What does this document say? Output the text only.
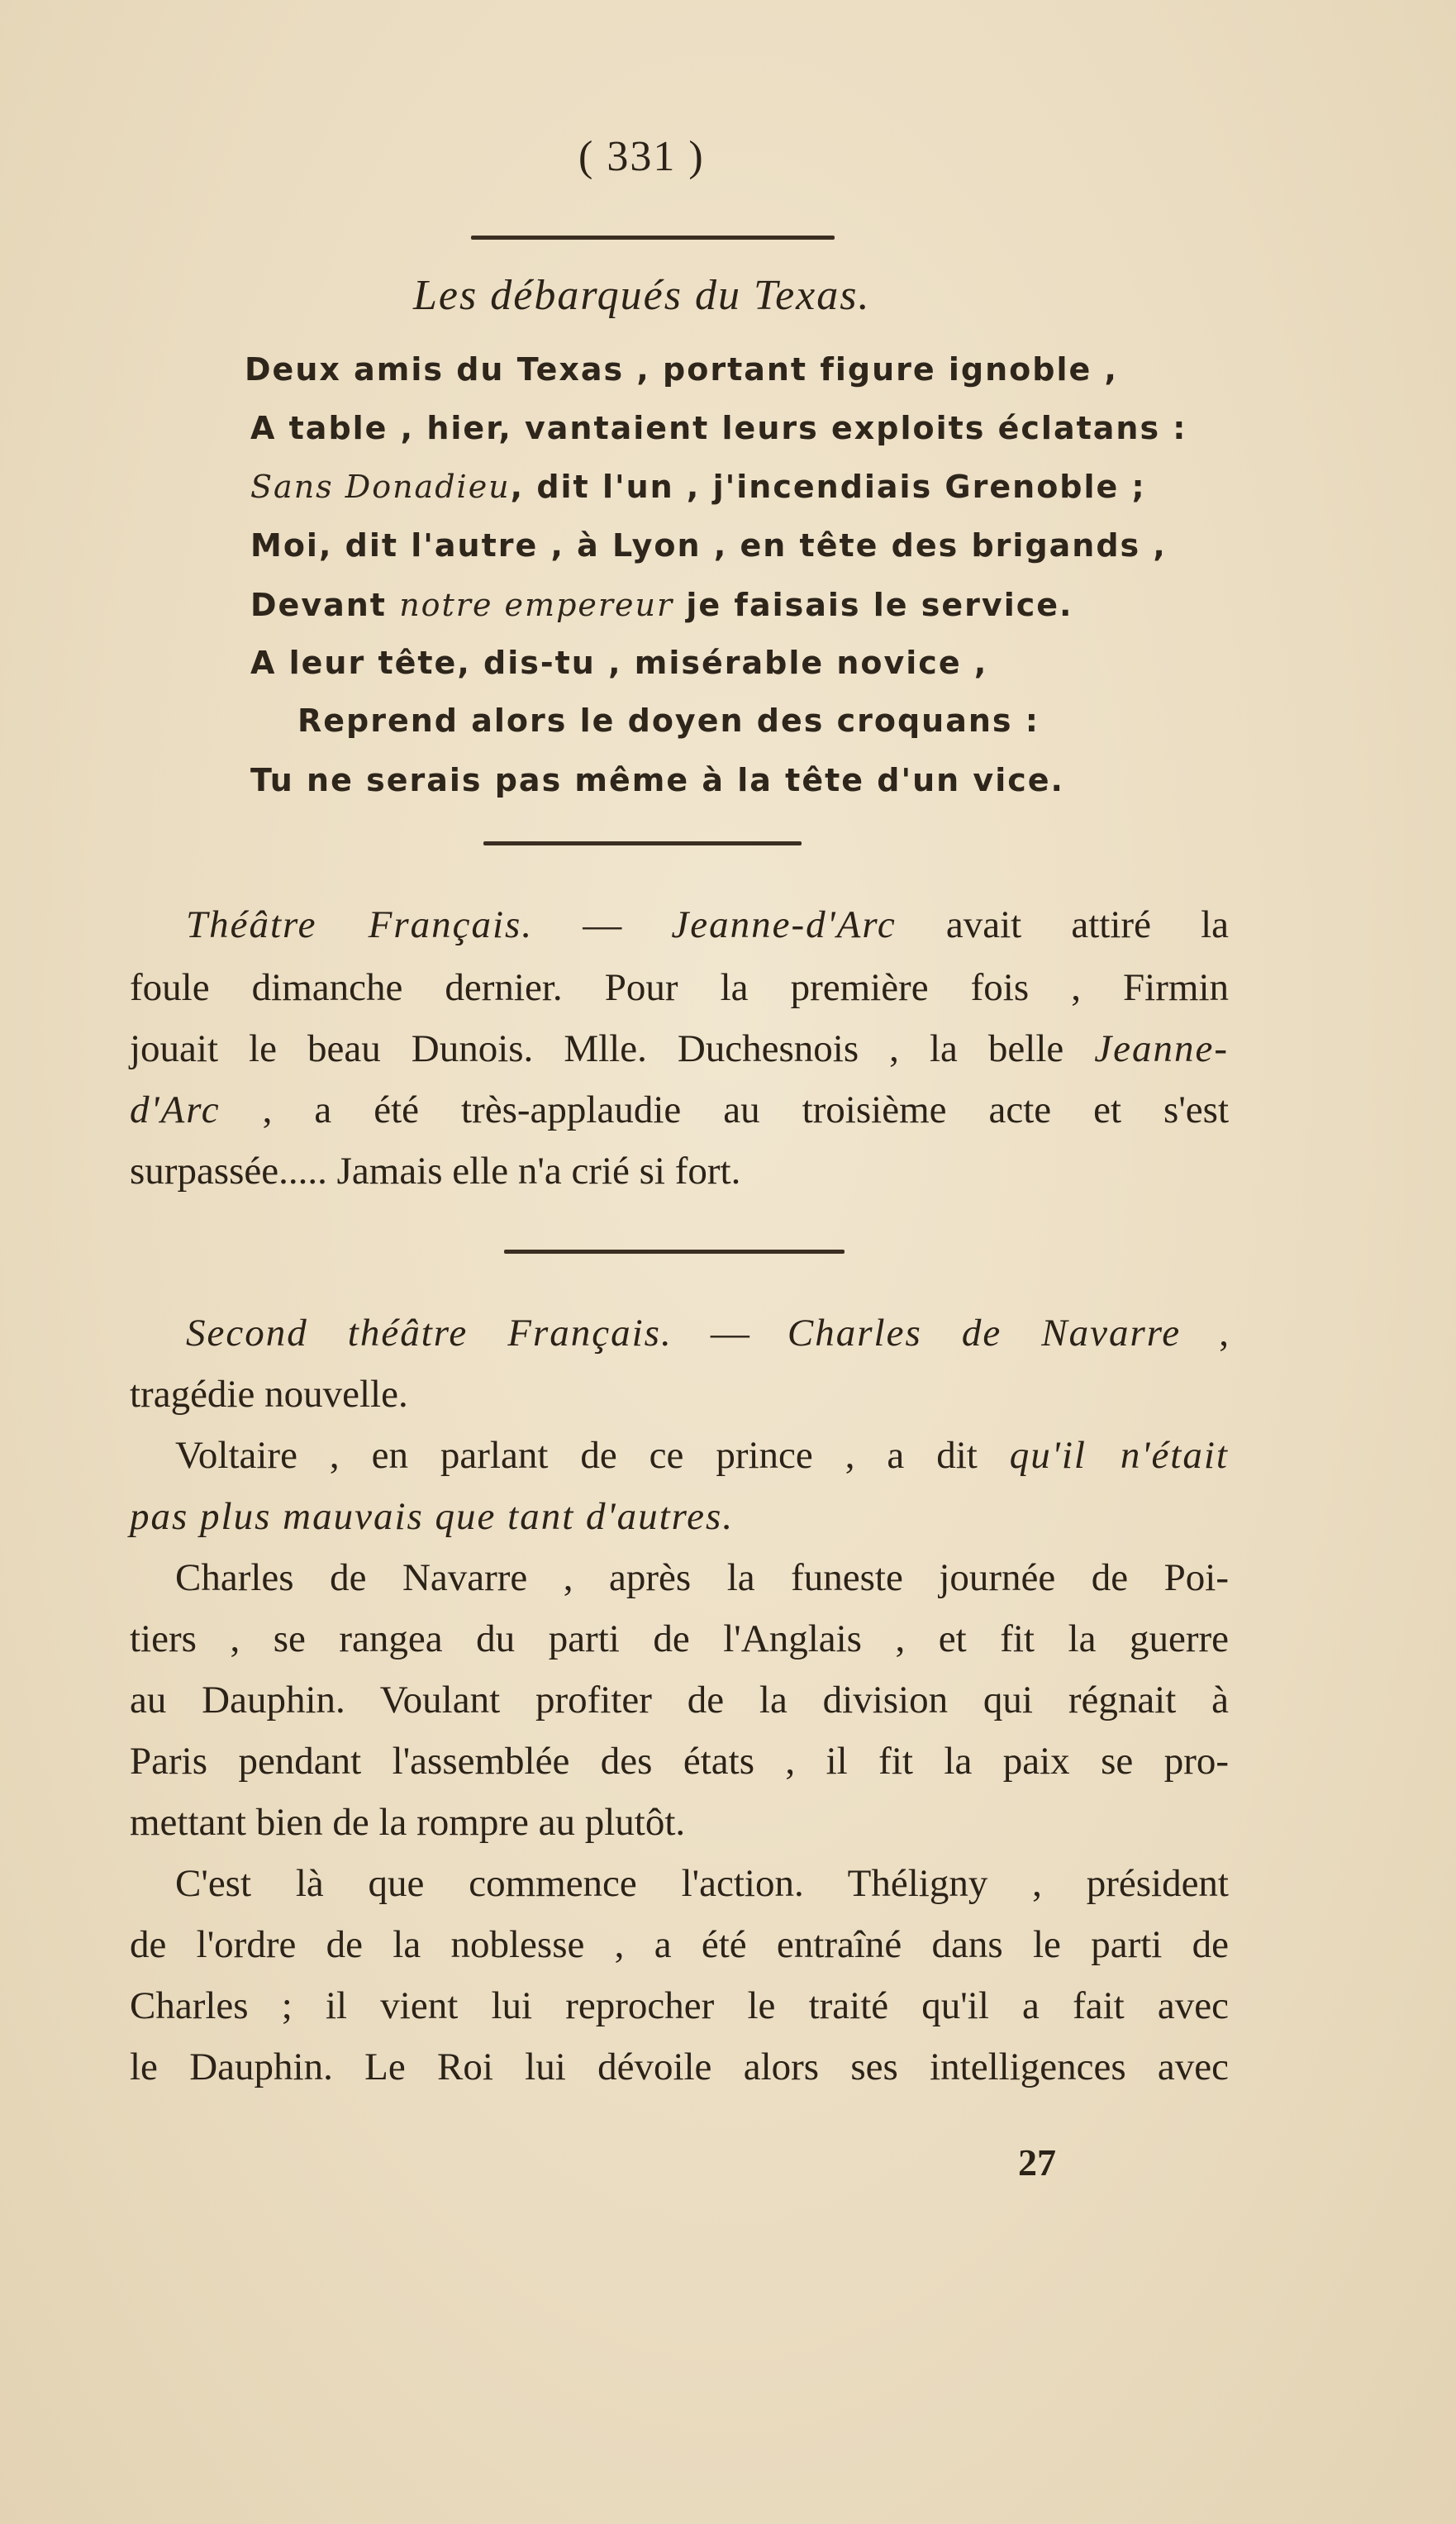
( 331 )
Les débarqués du Texas.
Deux amis du Texas , portant figure ignoble ,
A table , hier, vantaient leurs exploits éclatans :
Sans Donadieu, dit l'un , j'incendiais Grenoble ;
Moi, dit l'autre , à Lyon , en tête des brigands ,
Devant notre empereur je faisais le service.
A leur tête, dis-tu , misérable novice ,
Reprend alors le doyen des croquans :
Tu ne serais pas même à la tête d'un vice.
Théâtre Français. — Jeanne-d'Arc avait attiré la
foule dimanche dernier. Pour la première fois , Firmin
jouait le beau Dunois. Mlle. Duchesnois , la belle Jeanne-
d'Arc , a été très-applaudie au troisième acte et s'est
surpassée..... Jamais elle n'a crié si fort.
Second théâtre Français. — Charles de Navarre ,
tragédie nouvelle.
Voltaire , en parlant de ce prince , a dit qu'il n'était
pas plus mauvais que tant d'autres.
Charles de Navarre , après la funeste journée de Poi-
tiers , se rangea du parti de l'Anglais , et fit la guerre
au Dauphin. Voulant profiter de la division qui régnait à
Paris pendant l'assemblée des états , il fit la paix se pro-
mettant bien de la rompre au plutôt.
C'est là que commence l'action. Théligny , président
de l'ordre de la noblesse , a été entraîné dans le parti de
Charles ; il vient lui reprocher le traité qu'il a fait avec
le Dauphin. Le Roi lui dévoile alors ses intelligences avec
27
